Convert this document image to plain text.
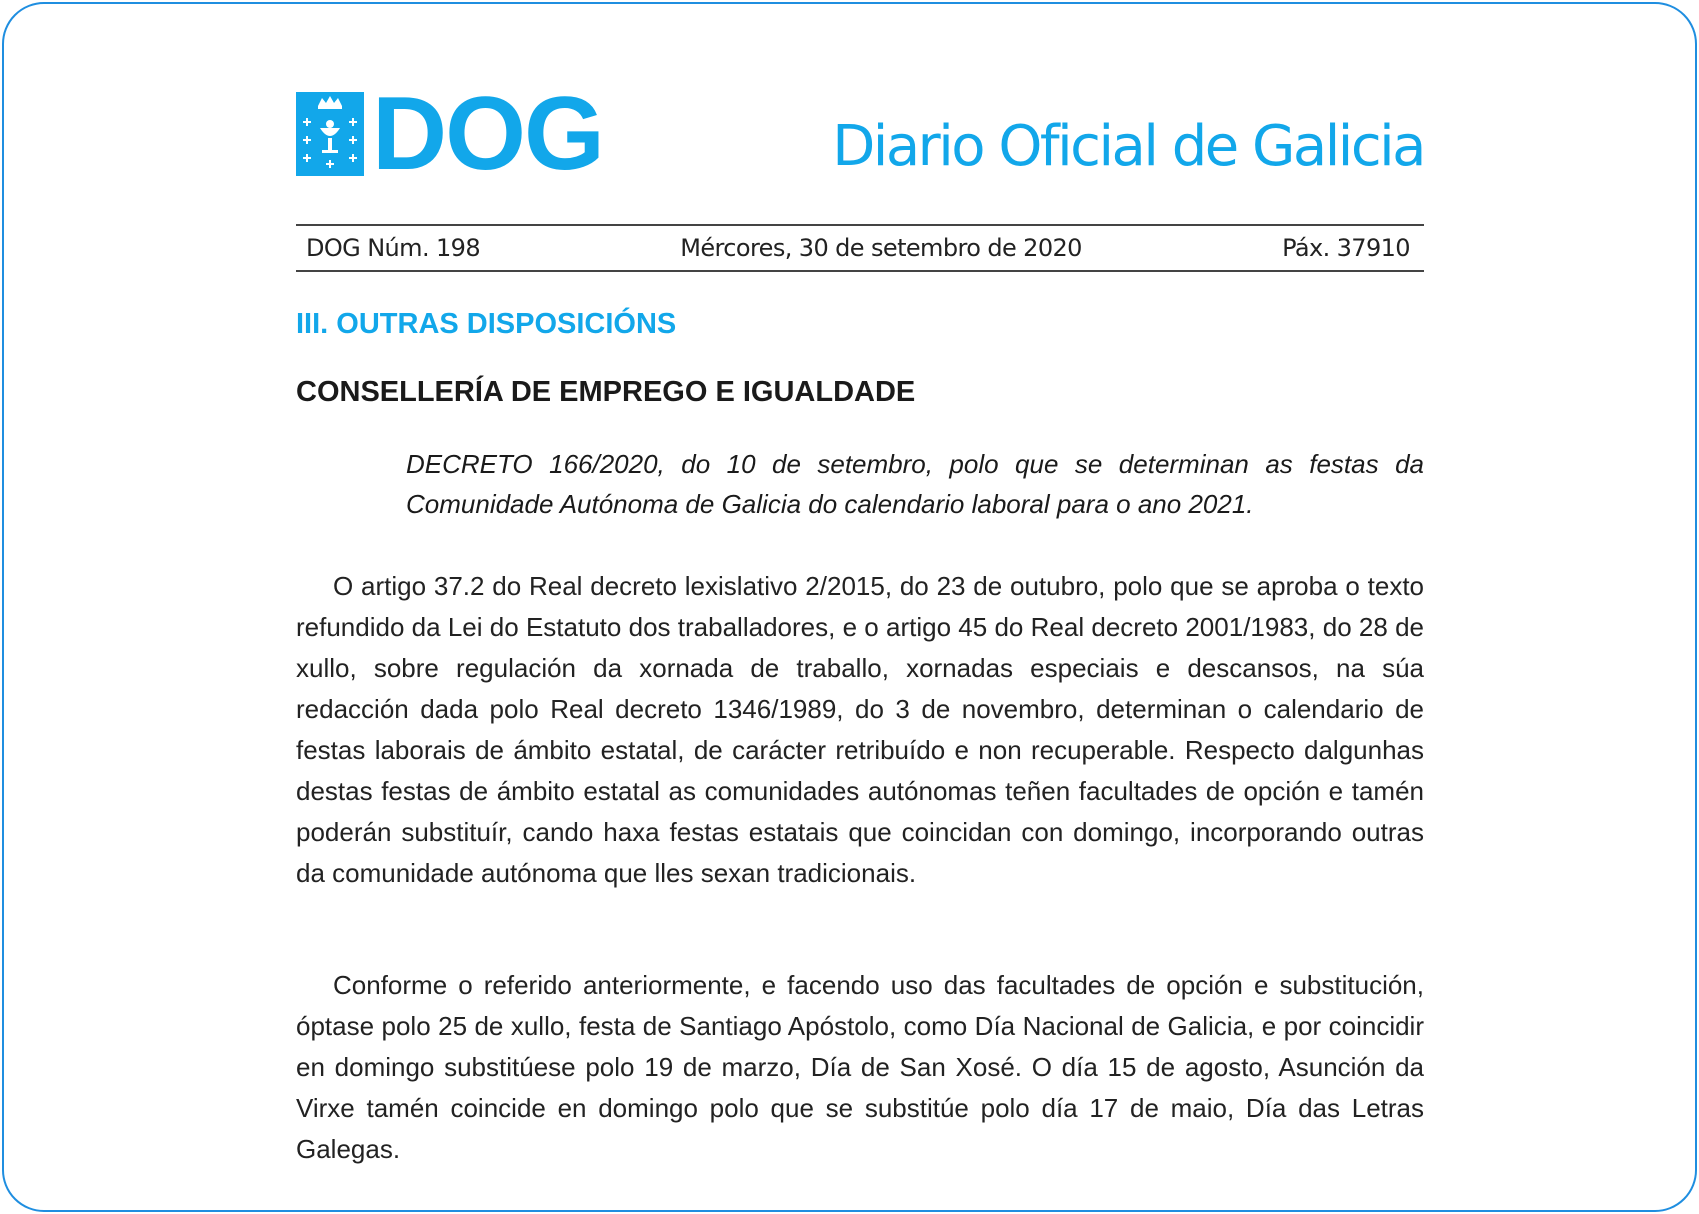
DOG	Diario Oficial de Galicia
DOG Núm. 198	Mércores, 30 de setembro de 2020	Páx. 37910
III. OUTRAS DISPOSICIÓNS
CONSELLERÍA DE EMPREGO E IGUALDADE
DECRETO 166/2020, do 10 de setembro, polo que se determinan as festas da Comunidade Autónoma de Galicia do calendario laboral para o ano 2021.

O artigo 37.2 do Real decreto lexislativo 2/2015, do 23 de outubro, polo que se aproba o texto refundido da Lei do Estatuto dos traballadores, e o artigo 45 do Real decreto 2001/1983, do 28 de xullo, sobre regulación da xornada de traballo, xornadas especiais e descansos, na súa redacción dada polo Real decreto 1346/1989, do 3 de novembro, determinan o calendario de festas laborais de ámbito estatal, de carácter retribuído e non recuperable. Respecto dalgunhas destas festas de ámbito estatal as comunidades autónomas teñen facultades de opción e tamén poderán substituír, cando haxa festas estatais que coincidan con domingo, incorporando outras da comunidade autónoma que lles sexan tradicionais.

Conforme o referido anteriormente, e facendo uso das facultades de opción e substitución, óptase polo 25 de xullo, festa de Santiago Apóstolo, como Día Nacional de Galicia, e por coincidir en domingo substitúese polo 19 de marzo, Día de San Xosé. O día 15 de agosto, Asunción da Virxe tamén coincide en domingo polo que se substitúe polo día 17 de maio, Día das Letras Galegas.
